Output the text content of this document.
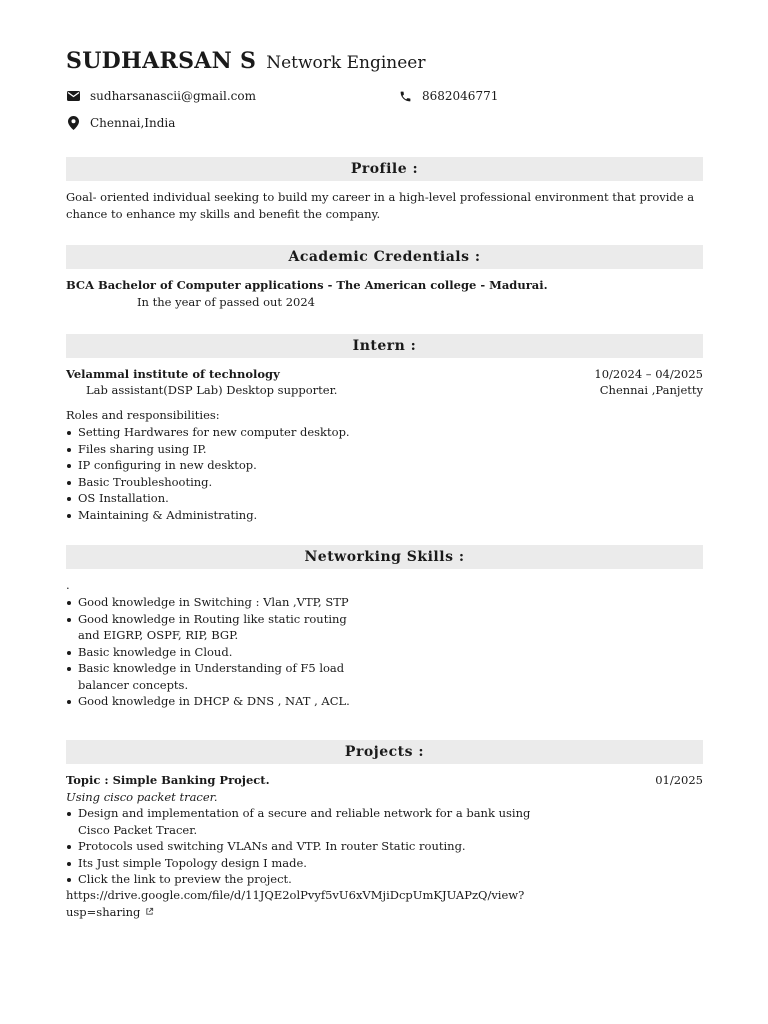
SUDHARSAN S Network Engineer
sudharsanascii@gmail.com	8682046771
Chennai,India
Profile :
Goal- oriented individual seeking to build my career in a high-level professional environment that provide a chance to enhance my skills and benefit the company.
Academic Credentials :
BCA Bachelor of Computer applications - The American college - Madurai.
In the year of passed out 2024
Intern :
Velammal institute of technology	10/2024 – 04/2025
Lab assistant(DSP Lab) Desktop supporter.	Chennai ,Panjetty
Roles and responsibilities:
Setting Hardwares for new computer desktop.
Files sharing using IP.
IP configuring in new desktop.
Basic Troubleshooting.
OS Installation.
Maintaining & Administrating.
Networking Skills :
.
Good knowledge in Switching : Vlan ,VTP, STP
Good knowledge in Routing like static routing and EIGRP, OSPF, RIP, BGP.
Basic knowledge in Cloud.
Basic knowledge in Understanding of F5 load balancer concepts.
Good knowledge in DHCP & DNS , NAT , ACL.
Projects :
Topic : Simple Banking Project.	01/2025
Using cisco packet tracer.
Design and implementation of a secure and reliable network for a bank using Cisco Packet Tracer.
Protocols used switching VLANs and VTP. In router Static routing.
Its Just simple Topology design I made.
Click the link to preview the project.
https://drive.google.com/file/d/11JQE2olPvyf5vU6xVMjiDcpUmKJUAPzQ/view?
usp=sharing
